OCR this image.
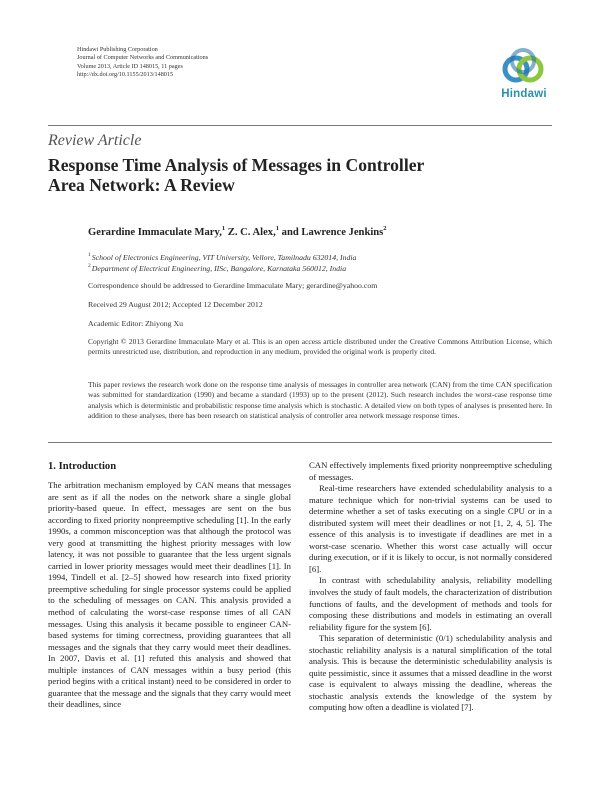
Hindawi Publishing Corporation
Journal of Computer Networks and Communications
Volume 2013, Article ID 148015, 11 pages
http://dx.doi.org/10.1155/2013/148015
Hindawi
Review Article
Response Time Analysis of Messages in Controller Area Network: A Review
Gerardine Immaculate Mary,$^1$ Z. C. Alex,$^1$ and Lawrence Jenkins$^2$
$^1$School of Electronics Engineering, VIT University, Vellore, Tamilnadu 632014, India
$^2$Department of Electrical Engineering, IISc, Bangalore, Karnataka 560012, India
Correspondence should be addressed to Gerardine Immaculate Mary; gerardine@yahoo.com
Received 29 August 2012; Accepted 12 December 2012
Academic Editor: Zhiyong Xu
Copyright © 2013 Gerardine Immaculate Mary et al. This is an open access article distributed under the Creative Commons Attribution License, which permits unrestricted use, distribution, and reproduction in any medium, provided the original work is properly cited.
This paper reviews the research work done on the response time analysis of messages in controller area network (CAN) from the time CAN specification was submitted for standardization (1990) and became a standard (1993) up to the present (2012). Such research includes the worst-case response time analysis which is deterministic and probabilistic response time analysis which is stochastic. A detailed view on both types of analyses is presented here. In addition to these analyses, there has been research on statistical analysis of controller area network message response times.
1. Introduction

The arbitration mechanism employed by CAN means that messages are sent as if all the nodes on the network share a single global priority-based queue. In effect, messages are sent on the bus according to fixed priority nonpreemptive scheduling [1]. In the early 1990s, a common misconception was that although the protocol was very good at transmitting the highest priority messages with low latency, it was not possible to guarantee that the less urgent signals carried in lower priority messages would meet their deadlines [1]. In 1994, Tindell et al. [2–5] showed how research into fixed priority preemptive scheduling for single processor systems could be applied to the scheduling of messages on CAN. This analysis provided a method of calculating the worst-case response times of all CAN messages. Using this analysis it became possible to engineer CAN-based systems for timing correctness, providing guarantees that all messages and the signals that they carry would meet their deadlines. In 2007, Davis et al. [1] refuted this analysis and showed that multiple instances of CAN messages within a busy period (this period begins with a critical instant) need to be considered in order to guarantee that the message and the signals that they carry would meet their deadlines, since

CAN effectively implements fixed priority nonpreemptive scheduling of messages.

Real-time researchers have extended schedulability analysis to a mature technique which for non-trivial systems can be used to determine whether a set of tasks executing on a single CPU or in a distributed system will meet their deadlines or not [1, 2, 4, 5]. The essence of this analysis is to investigate if deadlines are met in a worst-case scenario. Whether this worst case actually will occur during execution, or if it is likely to occur, is not normally considered [6].

In contrast with schedulability analysis, reliability modelling involves the study of fault models, the characterization of distribution functions of faults, and the development of methods and tools for composing these distributions and models in estimating an overall reliability figure for the system [6].

This separation of deterministic (0/1) schedulability analysis and stochastic reliability analysis is a natural simplification of the total analysis. This is because the deterministic schedulability analysis is quite pessimistic, since it assumes that a missed deadline in the worst case is equivalent to always missing the deadline, whereas the stochastic analysis extends the knowledge of the system by computing how often a deadline is violated [7].
